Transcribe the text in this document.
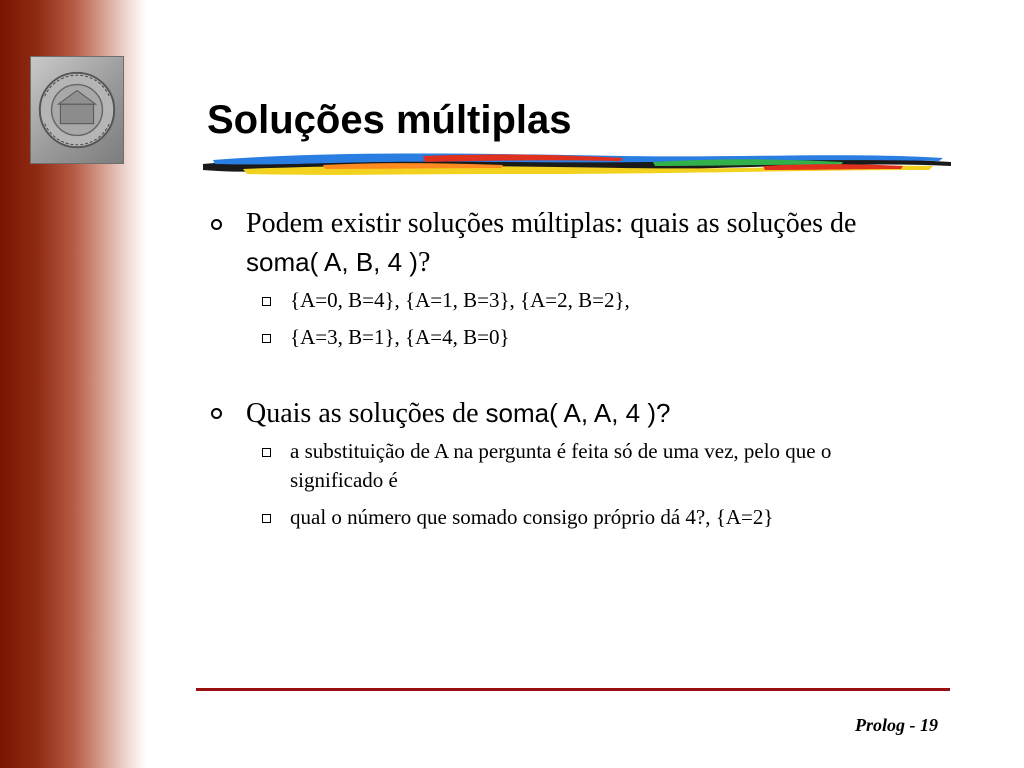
Soluções múltiplas
Podem existir soluções múltiplas: quais as soluções de soma( A, B, 4 )?
{A=0, B=4}, {A=1, B=3}, {A=2, B=2},
{A=3, B=1}, {A=4, B=0}
Quais as soluções de soma( A, A, 4 )?
a substituição de A na pergunta é feita só de uma vez, pelo que o significado é
qual o número que somado consigo próprio dá 4?, {A=2}
Prolog - 19
